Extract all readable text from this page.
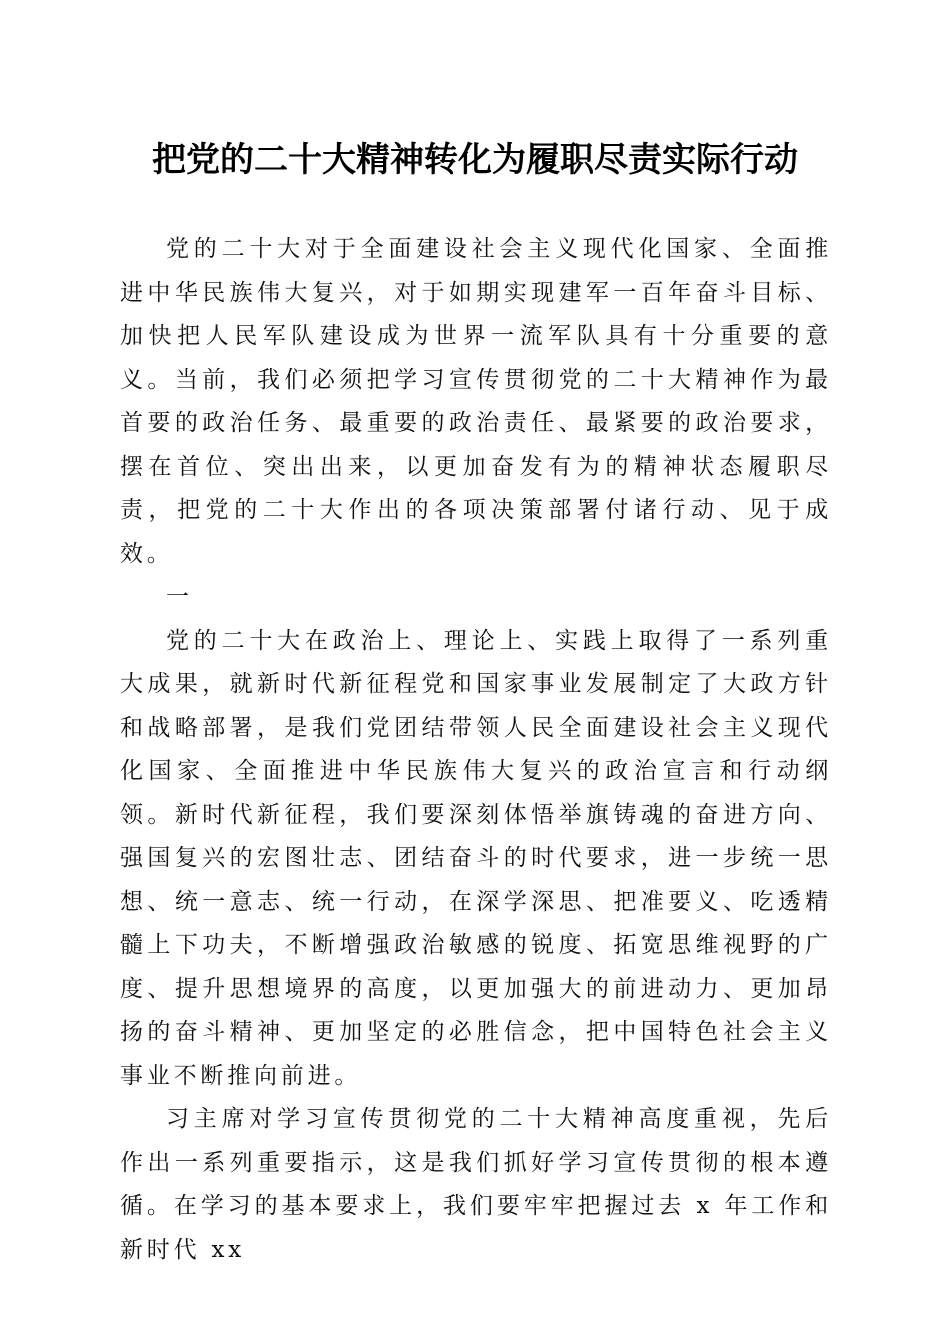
把党的二十大精神转化为履职尽责实际行动

党的二十大对于全面建设社会主义现代化国家、全面推进中华民族伟大复兴，对于如期实现建军一百年奋斗目标、加快把人民军队建设成为世界一流军队具有十分重要的意义。当前，我们必须把学习宣传贯彻党的二十大精神作为最首要的政治任务、最重要的政治责任、最紧要的政治要求，摆在首位、突出出来，以更加奋发有为的精神状态履职尽责，把党的二十大作出的各项决策部署付诸行动、见于成效。

一

党的二十大在政治上、理论上、实践上取得了一系列重大成果，就新时代新征程党和国家事业发展制定了大政方针和战略部署，是我们党团结带领人民全面建设社会主义现代化国家、全面推进中华民族伟大复兴的政治宣言和行动纲领。新时代新征程，我们要深刻体悟举旗铸魂的奋进方向、强国复兴的宏图壮志、团结奋斗的时代要求，进一步统一思想、统一意志、统一行动，在深学深思、把准要义、吃透精髓上下功夫，不断增强政治敏感的锐度、拓宽思维视野的广度、提升思想境界的高度，以更加强大的前进动力、更加昂扬的奋斗精神、更加坚定的必胜信念，把中国特色社会主义事业不断推向前进。

习主席对学习宣传贯彻党的二十大精神高度重视，先后作出一系列重要指示，这是我们抓好学习宣传贯彻的根本遵循。在学习的基本要求上，我们要牢牢把握过去 x 年工作和新时代 xx
